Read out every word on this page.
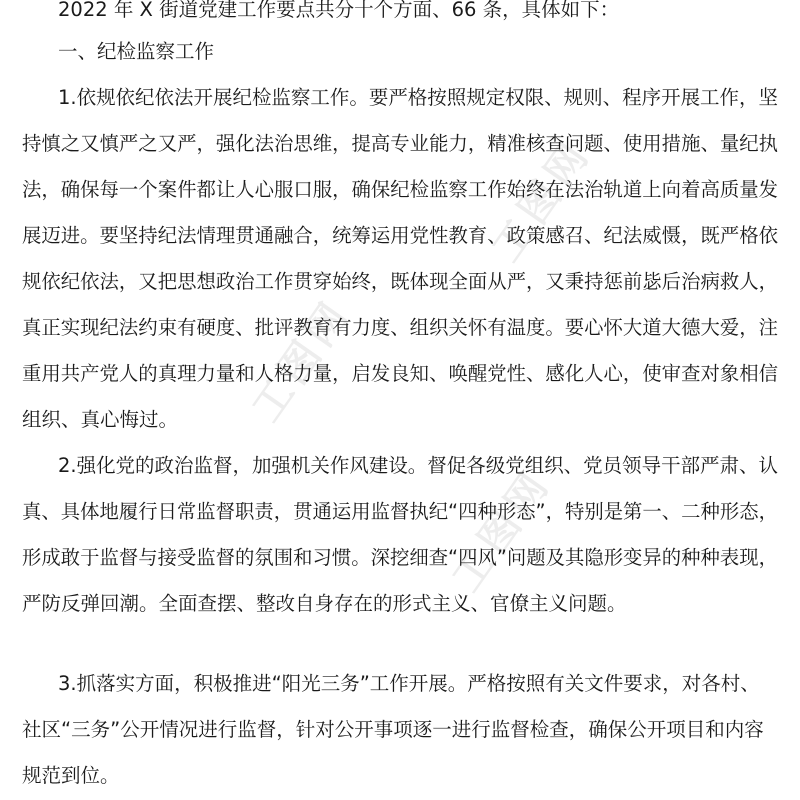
工图网
工图网
工图网
2022 年 X 街道党建工作要点共分十个方面、66 条，具体如下：
一、纪检监察工作
1.依规依纪依法开展纪检监察工作。要严格按照规定权限、规则、程序开展工作，坚
持慎之又慎严之又严，强化法治思维，提高专业能力，精准核查问题、使用措施、量纪执
法，确保每一个案件都让人心服口服，确保纪检监察工作始终在法治轨道上向着高质量发
展迈进。要坚持纪法情理贯通融合，统筹运用党性教育、政策感召、纪法威慑，既严格依
规依纪依法，又把思想政治工作贯穿始终，既体现全面从严，又秉持惩前毖后治病救人，
真正实现纪法约束有硬度、批评教育有力度、组织关怀有温度。要心怀大道大德大爱，注
重用共产党人的真理力量和人格力量，启发良知、唤醒党性、感化人心，使审查对象相信
组织、真心悔过。
2.强化党的政治监督，加强机关作风建设。督促各级党组织、党员领导干部严肃、认
真、具体地履行日常监督职责，贯通运用监督执纪“四种形态”，特别是第一、二种形态，
形成敢于监督与接受监督的氛围和习惯。深挖细查“四风”问题及其隐形变异的种种表现，
严防反弹回潮。全面查摆、整改自身存在的形式主义、官僚主义问题。
3.抓落实方面，积极推进“阳光三务”工作开展。严格按照有关文件要求，对各村、
社区“三务”公开情况进行监督，针对公开事项逐一进行监督检查，确保公开项目和内容
规范到位。
